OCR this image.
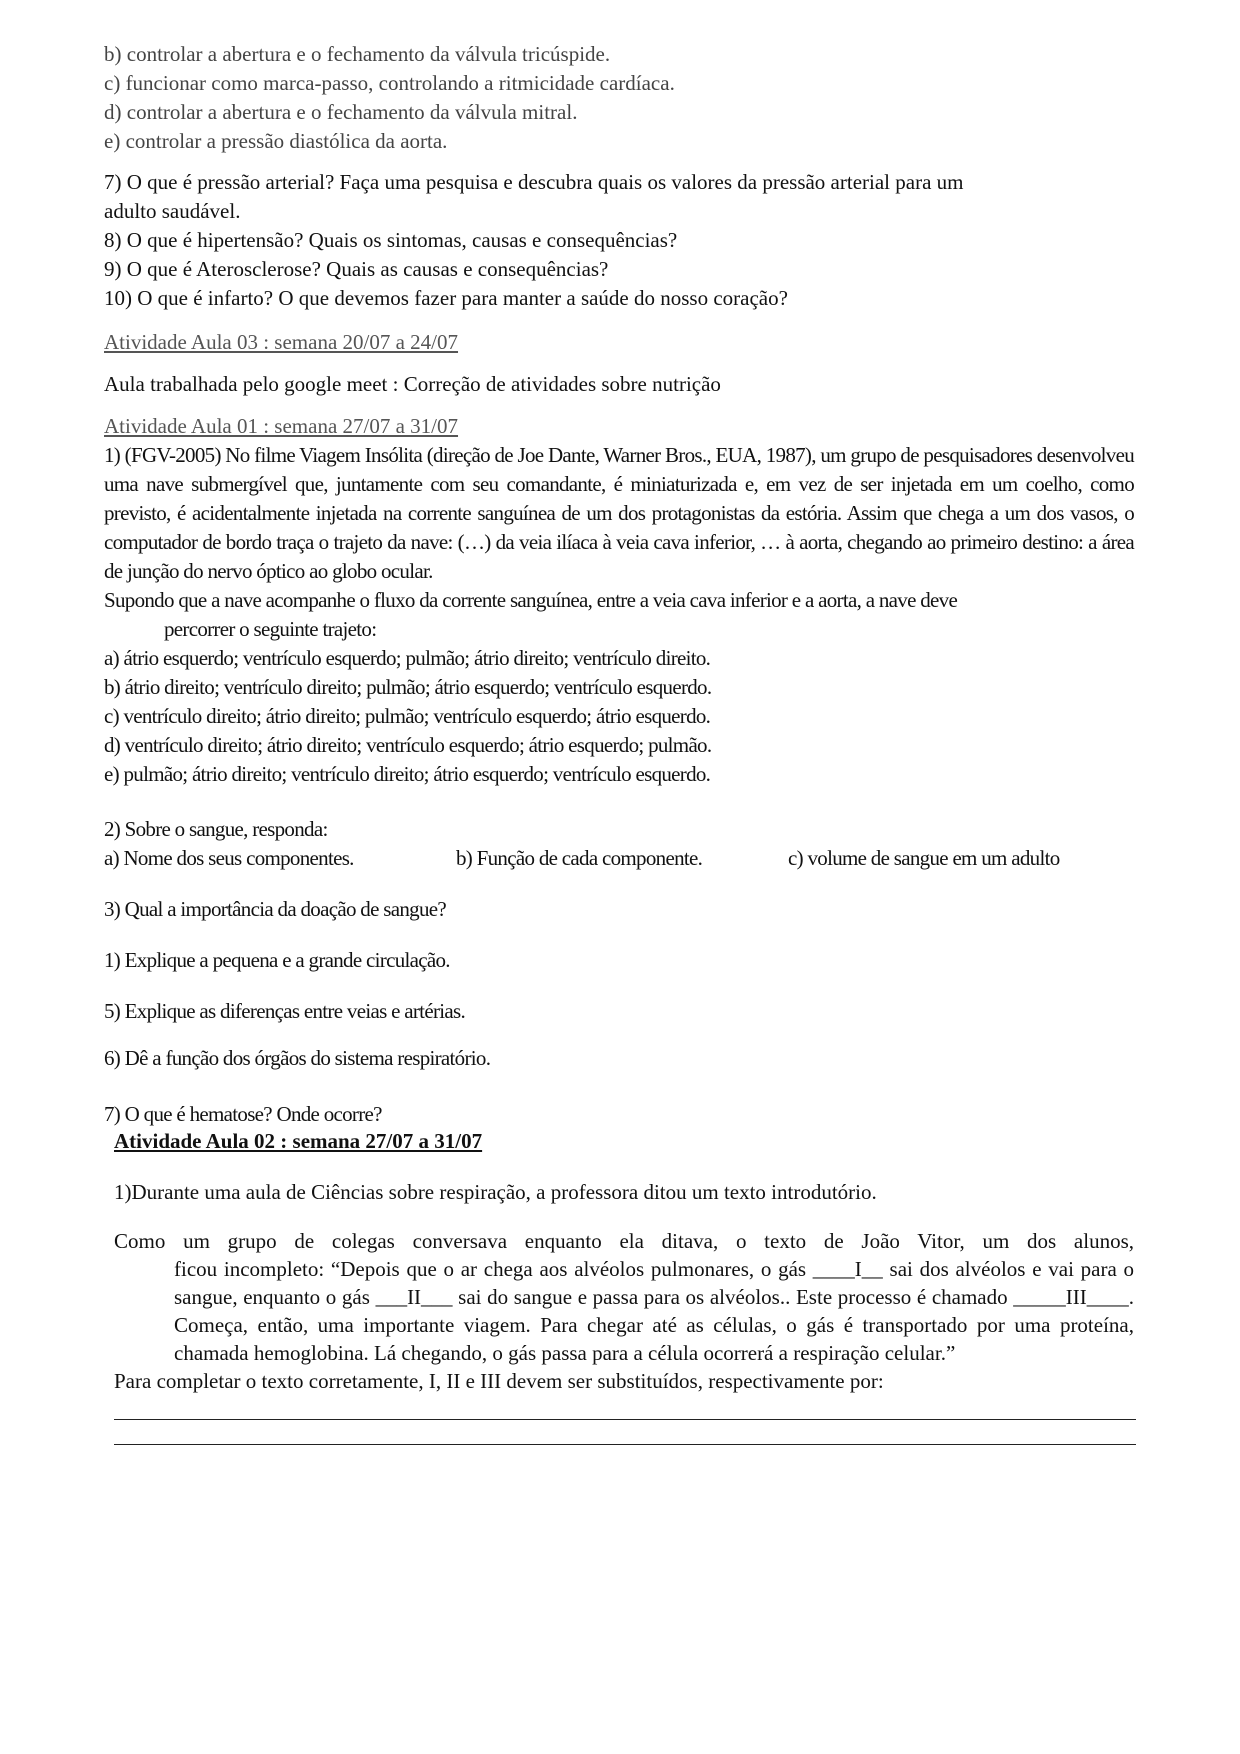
b) controlar a abertura e o fechamento da válvula tricúspide.

c) funcionar como marca-passo, controlando a ritmicidade cardíaca.

d) controlar a abertura e o fechamento da válvula mitral.

e) controlar a pressão diastólica da aorta.

7) O que é pressão arterial? Faça uma pesquisa e descubra quais os valores da pressão arterial para um

adulto saudável.

8) O que é hipertensão? Quais os sintomas, causas e consequências?

9) O que é Aterosclerose? Quais as causas e consequências?

10) O que é infarto? O que devemos fazer para manter a saúde do nosso coração?

Atividade Aula 03 : semana 20/07 a 24/07

Aula trabalhada pelo google meet : Correção de atividades sobre nutrição

Atividade Aula 01 : semana 27/07 a 31/07

1) (FGV-2005) No filme Viagem Insólita (direção de Joe Dante, Warner Bros., EUA, 1987), um grupo de pesquisadores desenvolveu uma nave submergível que, juntamente com seu comandante, é miniaturizada e, em vez de ser injetada em um coelho, como previsto, é acidentalmente injetada na corrente sanguínea de um dos protagonistas da estória. Assim que chega a um dos vasos, o computador de bordo traça o trajeto da nave: (…) da veia ilíaca à veia cava inferior, … à aorta, chegando ao primeiro destino: a área de junção do nervo óptico ao globo ocular.

Supondo que a nave acompanhe o fluxo da corrente sanguínea, entre a veia cava inferior e a aorta, a nave deve

percorrer o seguinte trajeto:

a) átrio esquerdo; ventrículo esquerdo; pulmão; átrio direito; ventrículo direito.

b) átrio direito; ventrículo direito; pulmão; átrio esquerdo; ventrículo esquerdo.

c) ventrículo direito; átrio direito; pulmão; ventrículo esquerdo; átrio esquerdo.

d) ventrículo direito; átrio direito; ventrículo esquerdo; átrio esquerdo; pulmão.

e) pulmão; átrio direito; ventrículo direito; átrio esquerdo; ventrículo esquerdo.

2) Sobre o sangue, responda:

a) Nome dos seus componentes.	b) Função de cada componente.	c) volume de sangue em um adulto

3) Qual a importância da doação de sangue?

1) Explique a pequena e a grande circulação.

5) Explique as diferenças entre veias e artérias.

6) Dê a função dos órgãos do sistema respiratório.

7) O que é hematose? Onde ocorre?

Atividade Aula 02 : semana 27/07 a 31/07

1)Durante uma aula de Ciências sobre respiração, a professora ditou um texto introdutório.

Como um grupo de colegas conversava enquanto ela ditava, o texto de João Vitor, um dos alunos,

ficou incompleto: “Depois que o ar chega aos alvéolos pulmonares, o gás ____I__ sai dos alvéolos e vai para o sangue, enquanto o gás ___II___ sai do sangue e passa para os alvéolos.. Este processo é chamado _____III____. Começa, então, uma importante viagem. Para chegar até as células, o gás é transportado por uma proteína, chamada hemoglobina. Lá chegando, o gás passa para a célula ocorrerá a respiração celular.”

Para completar o texto corretamente, I, II e III devem ser substituídos, respectivamente por:
